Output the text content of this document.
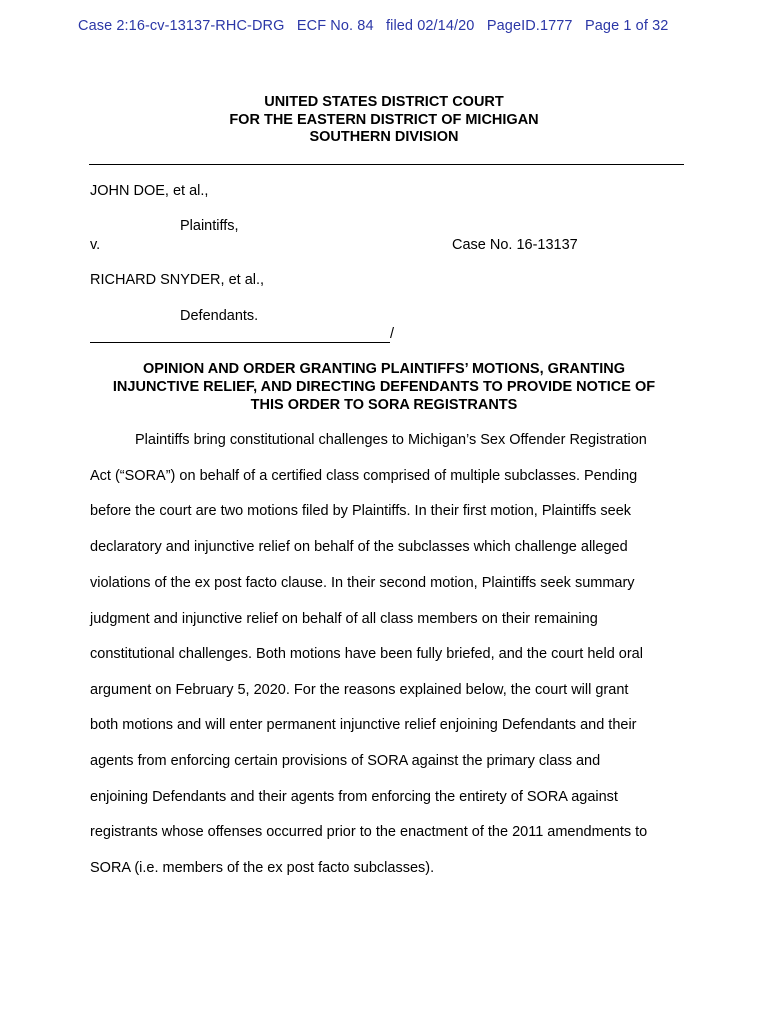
Case 2:16-cv-13137-RHC-DRG   ECF No. 84   filed 02/14/20   PageID.1777   Page 1 of 32
UNITED STATES DISTRICT COURT
FOR THE EASTERN DISTRICT OF MICHIGAN
SOUTHERN DIVISION
JOHN DOE, et al.,
Plaintiffs,
v.	Case No. 16-13137
RICHARD SNYDER, et al.,
Defendants.
/
OPINION AND ORDER GRANTING PLAINTIFFS’ MOTIONS, GRANTING
INJUNCTIVE RELIEF, AND DIRECTING DEFENDANTS TO PROVIDE NOTICE OF
THIS ORDER TO SORA REGISTRANTS
Plaintiffs bring constitutional challenges to Michigan’s Sex Offender Registration
Act (“SORA”) on behalf of a certified class comprised of multiple subclasses. Pending
before the court are two motions filed by Plaintiffs. In their first motion, Plaintiffs seek
declaratory and injunctive relief on behalf of the subclasses which challenge alleged
violations of the ex post facto clause. In their second motion, Plaintiffs seek summary
judgment and injunctive relief on behalf of all class members on their remaining
constitutional challenges. Both motions have been fully briefed, and the court held oral
argument on February 5, 2020. For the reasons explained below, the court will grant
both motions and will enter permanent injunctive relief enjoining Defendants and their
agents from enforcing certain provisions of SORA against the primary class and
enjoining Defendants and their agents from enforcing the entirety of SORA against
registrants whose offenses occurred prior to the enactment of the 2011 amendments to
SORA (i.e. members of the ex post facto subclasses).
